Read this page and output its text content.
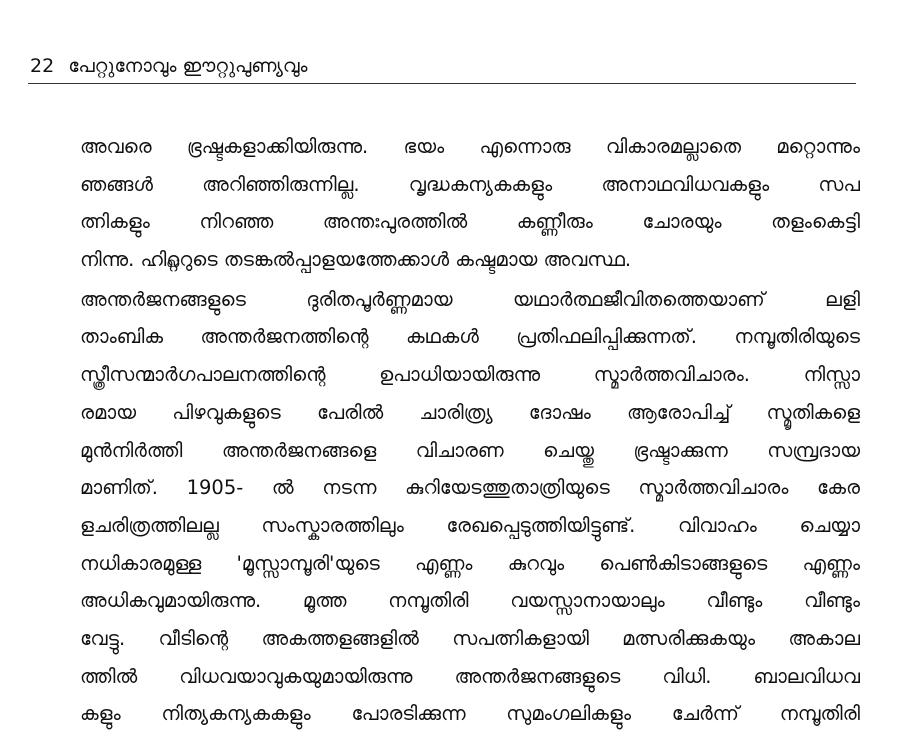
22 പേറ്റുനോവും ഈറ്റുപുണ്യവും
അവരെ ഭ്രഷ്ടകളാക്കിയിരുന്നു. ഭയം എന്നൊരു വികാരമല്ലാതെ മറ്റൊന്നും
ഞങ്ങൾ അറിഞ്ഞിരുന്നില്ല. വൃദ്ധകന്യകകളും അനാഥവിധവകളും സപ
ത്നികളും നിറഞ്ഞ അന്തഃപുരത്തിൽ കണ്ണീരും ചോരയും തളംകെട്ടി
നിന്നു. ഹിറ്റ്ലറുടെ തടങ്കൽപ്പാളയത്തേക്കാൾ കഷ്ടമായ അവസ്ഥ.
അന്തർജനങ്ങളുടെ ദുരിതപൂർണ്ണമായ യഥാർത്ഥജീവിതത്തെയാണ് ലളി
താംബിക അന്തർജനത്തിന്റെ കഥകൾ പ്രതിഫലിപ്പിക്കുന്നത്. നമ്പൂതിരിയുടെ
സ്ത്രീസന്മാർഗപാലനത്തിന്റെ ഉപാധിയായിരുന്നു സ്മാർത്തവിചാരം. നിസ്സാ
രമായ പിഴവുകളുടെ പേരിൽ ചാരിത്ര്യ ദോഷം ആരോപിച്ച് സ്മൃതികളെ
മുൻനിർത്തി അന്തർജനങ്ങളെ വിചാരണ ചെയ്തു ഭ്രഷ്ടാക്കുന്ന സമ്പ്രദായ
മാണിത്. 1905- ൽ നടന്ന കുറിയേടത്തുതാത്രിയുടെ സ്മാർത്തവിചാരം കേര
ളചരിത്രത്തിലല്ല സംസ്കാരത്തിലും രേഖപ്പെടുത്തിയിട്ടുണ്ട്. വിവാഹം ചെയ്യാ
നധികാരമുള്ള 'മൂസ്സാമ്പൂരി'യുടെ എണ്ണം കുറവും പെൺകിടാങ്ങളുടെ എണ്ണം
അധികവുമായിരുന്നു. മൂത്ത നമ്പൂതിരി വയസ്സാനായാലും വീണ്ടും വീണ്ടും
വേട്ടു. വീടിന്റെ അകത്തളങ്ങളിൽ സപത്നികളായി മത്സരിക്കുകയും അകാല
ത്തിൽ വിധവയാവുകയുമായിരുന്നു അന്തർജനങ്ങളുടെ വിധി. ബാലവിധവ
കളും നിത്യകന്യകകളും പോരടിക്കുന്ന സുമംഗലികളും ചേർന്ന് നമ്പൂതിരി
